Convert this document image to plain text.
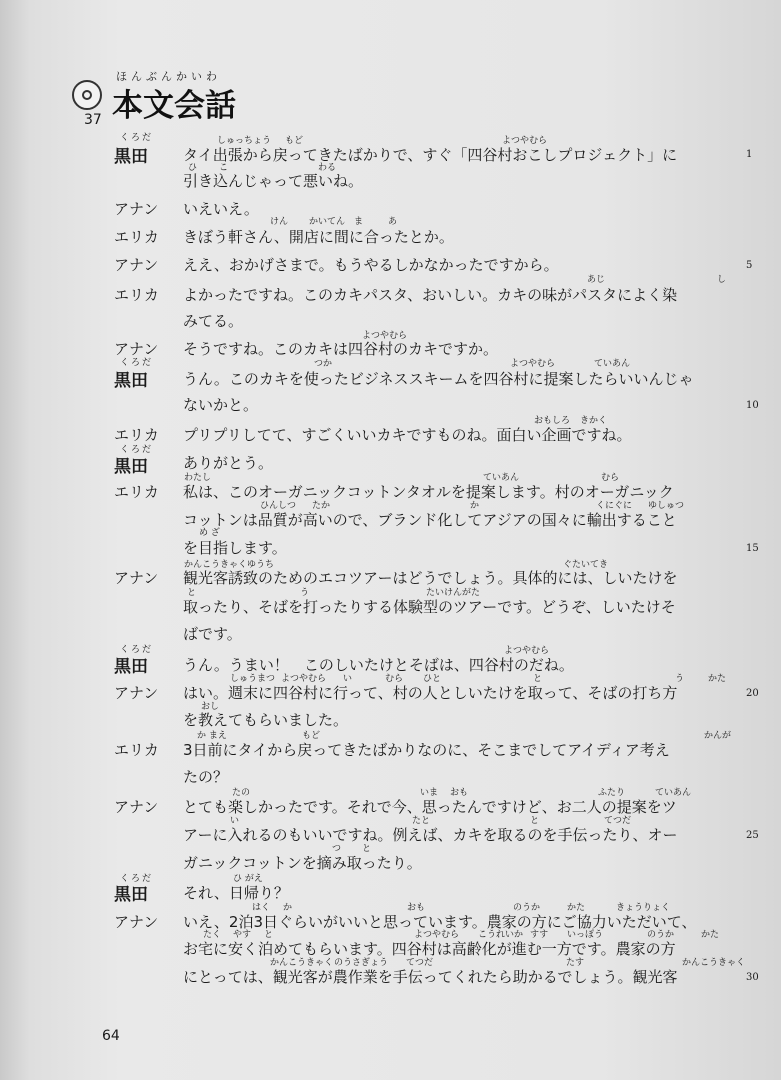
ほんぶんかいわ
本文会話
37
くろだ
黒田
しゅっちょう もど	よつやむら
タイ出張から戻ってきたばかりで、すぐ「四谷村おこしプロジェクト」に	1
ひ こ	わる
引き込んじゃって悪いね。
アナン いえいえ。
けん かいてん ま	あ
エリカ きぼう軒さん、開店に間に合ったとか。
アナン ええ、おかげさまで。もうやるしかなかったですから。	5
あじ	し
エリカ よかったですね。このカキパスタ、おいしい。カキの味がパスタによく染
みてる。
よつやむら
アナン そうですね。このカキは四谷村のカキですか。
くろだ
黒田
つか	よつやむら	ていあん
うん。このカキを使ったビジネススキームを四谷村に提案したらいいんじゃ
ないかと。	10
おもしろ きかく
エリカ プリプリしてて、すごくいいカキですものね。面白い企画ですね。
くろだ
黒田 ありがとう。
わたし	ていあん	むら
エリカ 私は、このオーガニックコットンタオルを提案します。村のオーガニック
ひんしつ たか	か	くにぐに ゆしゅつ
コットンは品質が高いので、ブランド化してアジアの国々に輸出すること
め ざ
を目指します。	15
かんこうきゃくゆうち	ぐたいてき
アナン 観光客誘致のためのエコツアーはどうでしょう。具体的には、しいたけを
と	う	たいけんがた
取ったり、そばを打ったりする体験型のツアーです。どうぞ、しいたけそ
ばです。
くろだ
黒田
よつやむら
うん。うまい！　このしいたけとそばは、四谷村のだね。
しゅうまつ よつやむら い	むら ひと	と	う	かた
アナン はい。週末に四谷村に行って、村の人としいたけを取って、そばの打ち方	20
おし
を教えてもらいました。
か まえ	もど	かんが
エリカ 3日前にタイから戻ってきたばかりなのに、そこまでしてアイディア考え
たの？
たの	いま おも	ふたり	ていあん
アナン とても楽しかったです。それで今、思ったんですけど、お二人の提案をツ
い	たと	と	てつだ
アーに入れるのもいいですね。例えば、カキを取るのを手伝ったり、オー	25
つ と
ガニックコットンを摘み取ったり。
くろだ
黒田
ひ がえ
それ、日帰り？
はく か	おも	のうか	かた	きょうりょく
アナン いえ、2泊3日ぐらいがいいと思っています。農家の方にご協力いただいて、
たく やす と	よつやむら こうれいか すす いっぽう	のうか	かた
お宅に安く泊めてもらいます。四谷村は高齢化が進む一方です。農家の方
かんこうきゃく のうさぎょう てつだ	たす	かんこうきゃく
にとっては、観光客が農作業を手伝ってくれたら助かるでしょう。観光客	30
64
